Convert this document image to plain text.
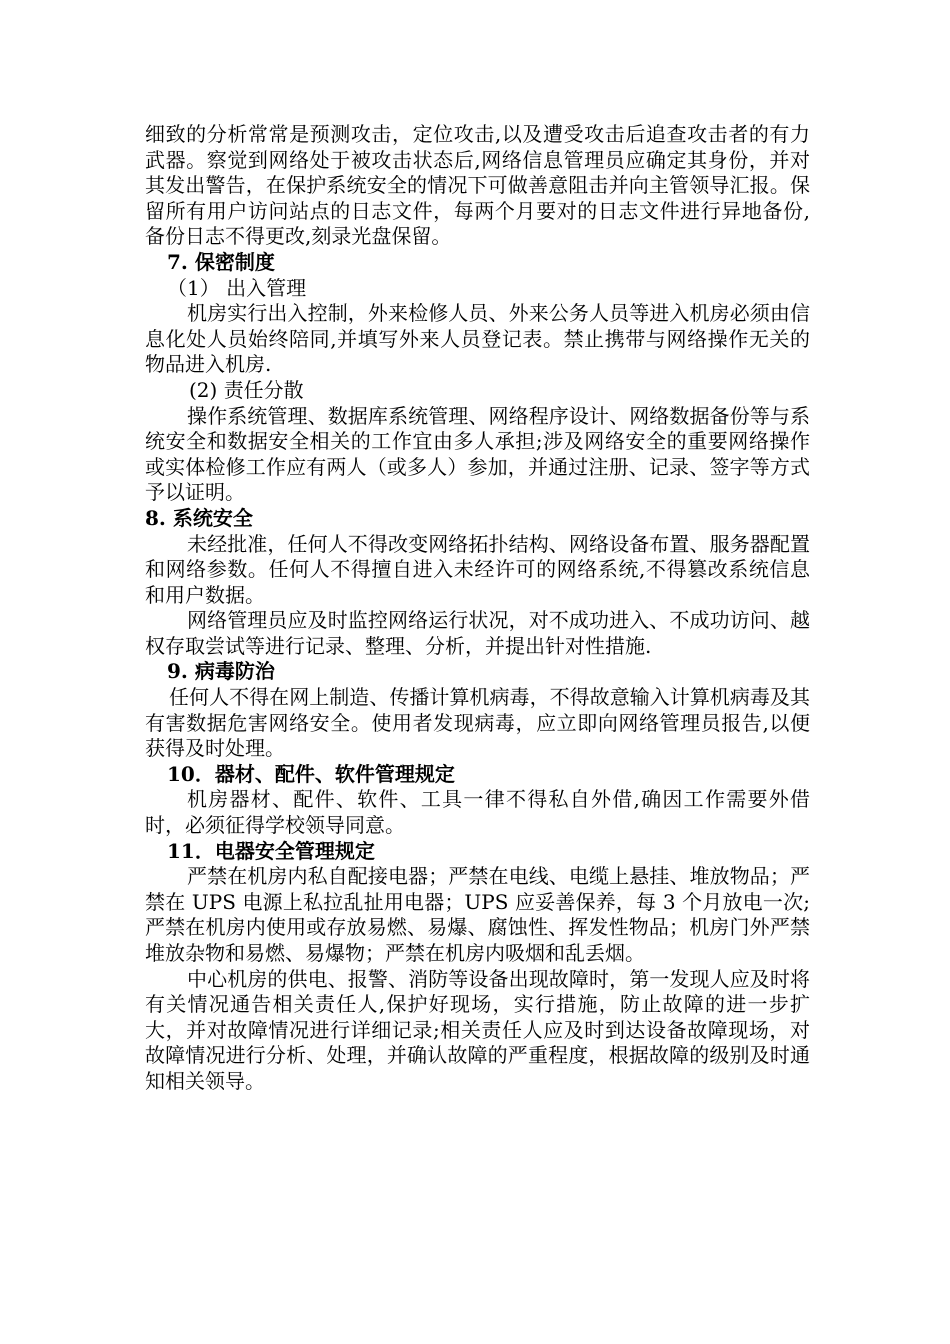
细致的分析常常是预测攻击，定位攻击,以及遭受攻击后追查攻击者的有力武器。察觉到网络处于被攻击状态后,网络信息管理员应确定其身份，并对其发出警告，在保护系统安全的情况下可做善意阻击并向主管领导汇报。保留所有用户访问站点的日志文件，每两个月要对的日志文件进行异地备份, 备份日志不得更改,刻录光盘保留。

7. 保密制度

（1） 出入管理

机房实行出入控制，外来检修人员、外来公务人员等进入机房必须由信息化处人员始终陪同,并填写外来人员登记表。禁止携带与网络操作无关的物品进入机房.

(2) 责任分散

操作系统管理、数据库系统管理、网络程序设计、网络数据备份等与系统安全和数据安全相关的工作宜由多人承担;涉及网络安全的重要网络操作或实体检修工作应有两人（或多人）参加，并通过注册、记录、签字等方式予以证明。

8. 系统安全

未经批准，任何人不得改变网络拓扑结构、网络设备布置、服务器配置和网络参数。任何人不得擅自进入未经许可的网络系统,不得篡改系统信息和用户数据。

网络管理员应及时监控网络运行状况，对不成功进入、不成功访问、越权存取尝试等进行记录、整理、分析，并提出针对性措施.

9. 病毒防治

任何人不得在网上制造、传播计算机病毒，不得故意输入计算机病毒及其有害数据危害网络安全。使用者发现病毒，应立即向网络管理员报告,以便获得及时处理。

10．器材、配件、软件管理规定

机房器材、配件、软件、工具一律不得私自外借,确因工作需要外借时，必须征得学校领导同意。

11．电器安全管理规定

严禁在机房内私自配接电器；严禁在电线、电缆上悬挂、堆放物品；严禁在 UPS 电源上私拉乱扯用电器；UPS 应妥善保养，每 3 个月放电一次;严禁在机房内使用或存放易燃、易爆、腐蚀性、挥发性物品；机房门外严禁堆放杂物和易燃、易爆物；严禁在机房内吸烟和乱丢烟。

中心机房的供电、报警、消防等设备出现故障时，第一发现人应及时将有关情况通告相关责任人,保护好现场，实行措施，防止故障的进一步扩大，并对故障情况进行详细记录;相关责任人应及时到达设备故障现场，对故障情况进行分析、处理，并确认故障的严重程度，根据故障的级别及时通知相关领导。
